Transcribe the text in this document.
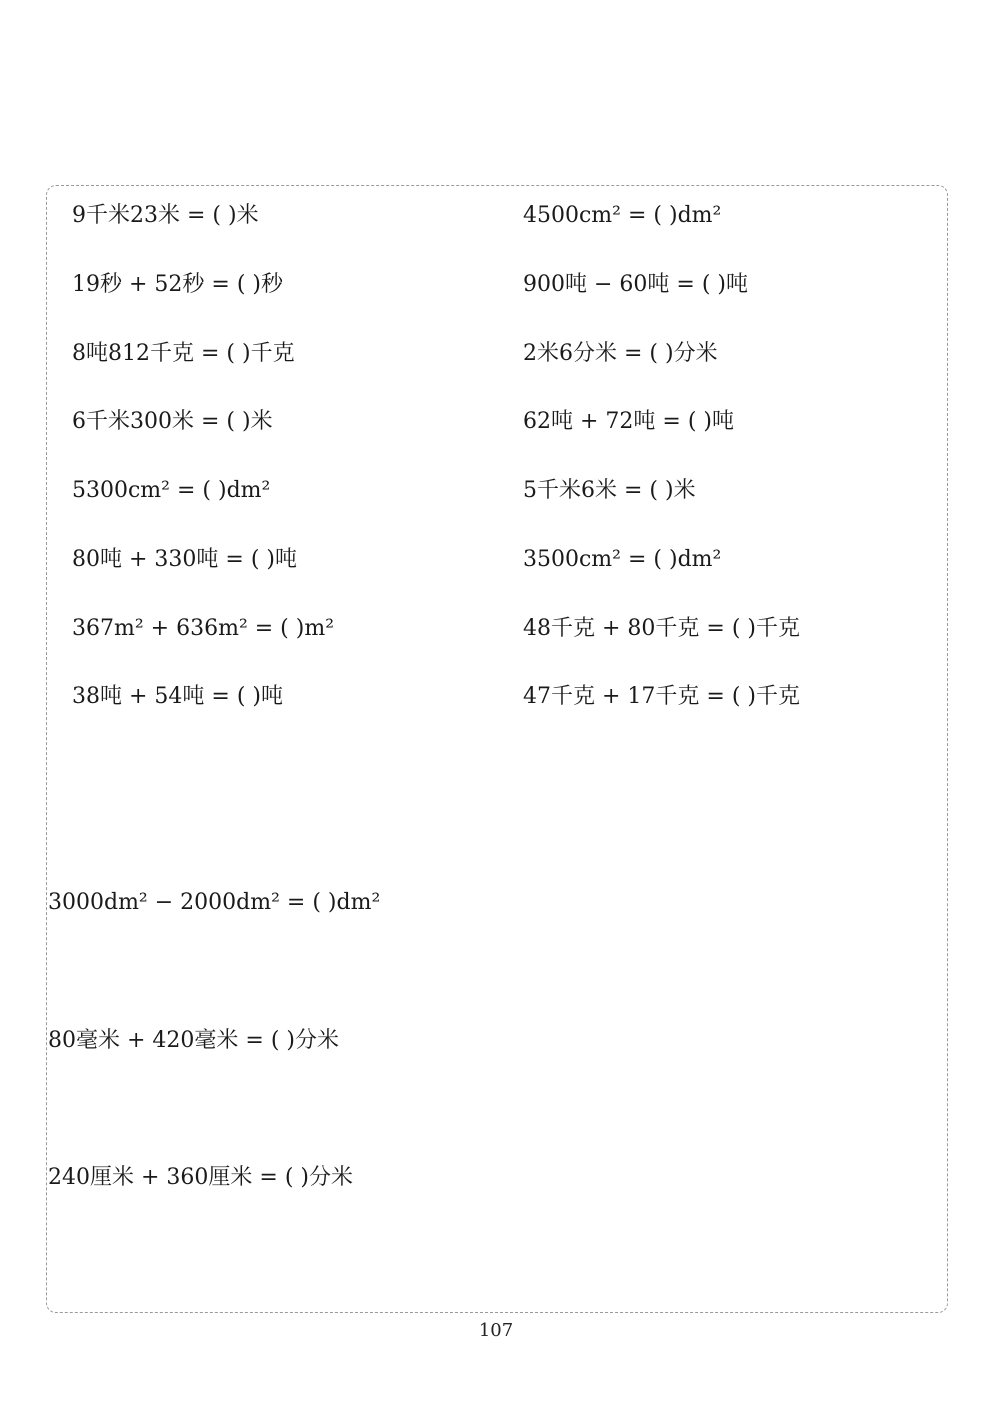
9千米23米 = ( )米
19秒 + 52秒 = ( )秒
8吨812千克 = ( )千克
6千米300米 = ( )米
5300cm² = ( )dm²
80吨 + 330吨 = ( )吨
367m² + 636m² = ( )m²
38吨 + 54吨 = ( )吨
4500cm² = ( )dm²
900吨 − 60吨 = ( )吨
2米6分米 = ( )分米
62吨 + 72吨 = ( )吨
5千米6米 = ( )米
3500cm² = ( )dm²
48千克 + 80千克 = ( )千克
47千克 + 17千克 = ( )千克
3000dm² − 2000dm² = ( )dm²
80毫米 + 420毫米 = ( )分米
240厘米 + 360厘米 = ( )分米
107
